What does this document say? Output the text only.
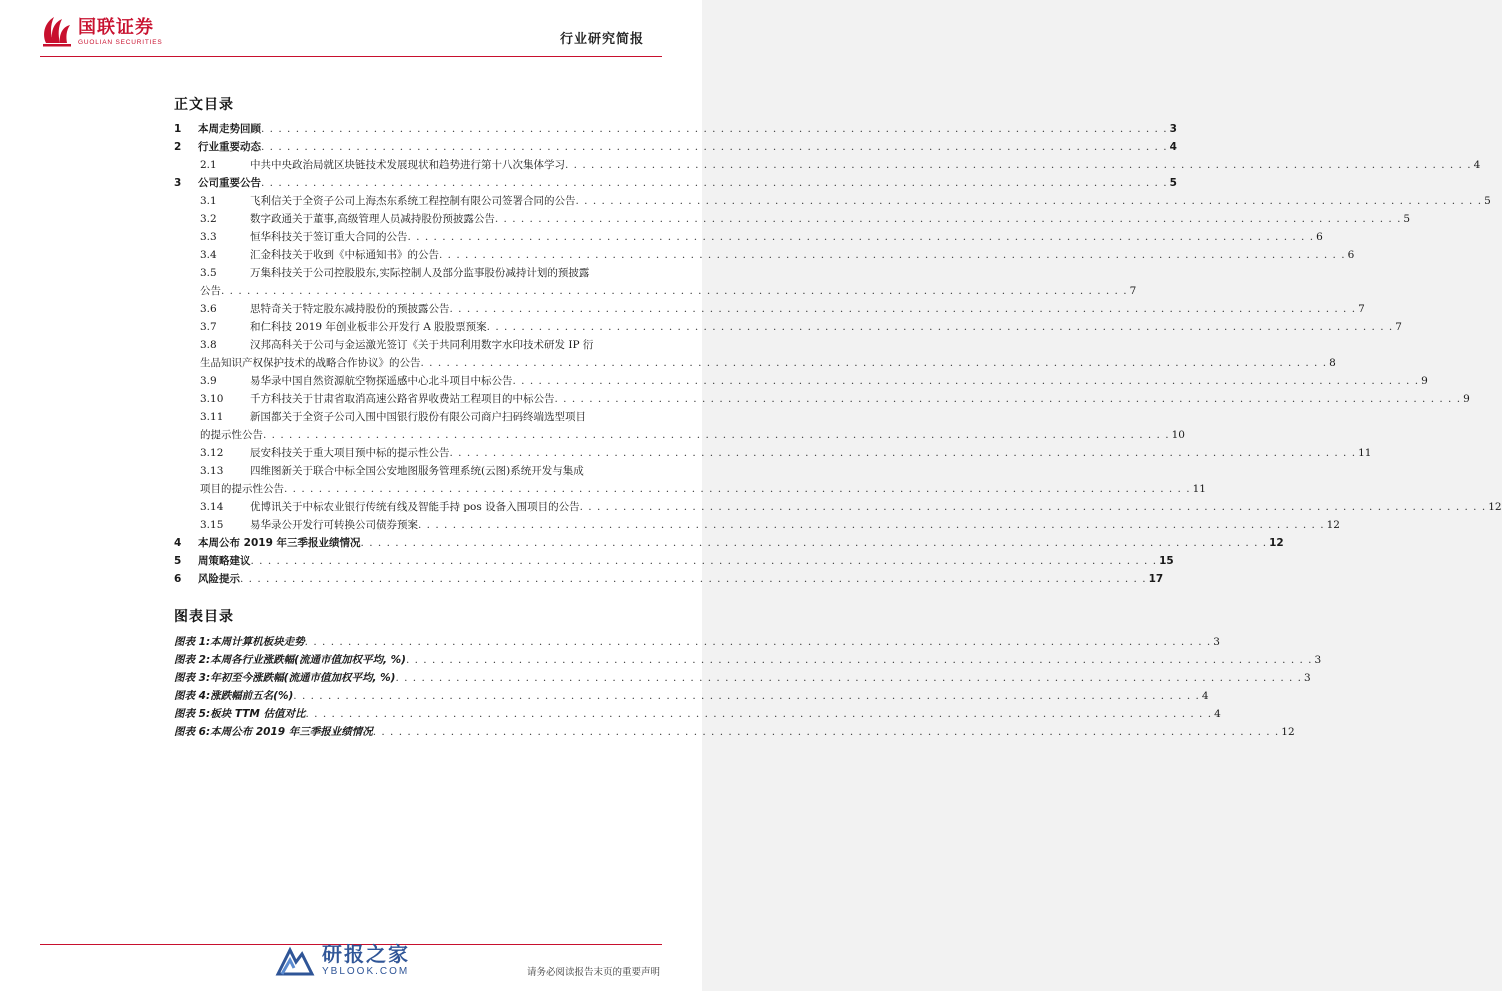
国联证券
GUOLIAN SECURITIES	行业研究简报
正文目录
1 本周走势回顾 . . . . . . . . . . . . . . . . . . . . . . . . . . . . . . . . . . . . . . . . . . . . . . . . . . . . . . . . . . . . . . . . . . . . . . . . . . . . . . . . . . . . . . . . . . . . . . . . . . . . . . . . . 3
2 行业重要动态 . . . . . . . . . . . . . . . . . . . . . . . . . . . . . . . . . . . . . . . . . . . . . . . . . . . . . . . . . . . . . . . . . . . . . . . . . . . . . . . . . . . . . . . . . . . . . . . . . . . . . . . . . 4
2.1	中共中央政治局就区块链技术发展现状和趋势进行第十八次集体学习 . . . . . . . . . . . . . . . . . . . . . . . . . . . . . . . . . . . . . . . . . . . . . . . . . . . . . . . . . . . . . . . . . . . . . . . . . . . . . . . . . . . . . . . . . . . . . . . . . . . . . . . . . 4
3 公司重要公告 . . . . . . . . . . . . . . . . . . . . . . . . . . . . . . . . . . . . . . . . . . . . . . . . . . . . . . . . . . . . . . . . . . . . . . . . . . . . . . . . . . . . . . . . . . . . . . . . . . . . . . . . . 5
3.1	飞利信关于全资子公司上海杰东系统工程控制有限公司签署合同的公告 . . . . . . . . . . . . . . . . . . . . . . . . . . . . . . . . . . . . . . . . . . . . . . . . . . . . . . . . . . . . . . . . . . . . . . . . . . . . . . . . . . . . . . . . . . . . . . . . . . . . . . . . . 5
3.2	数字政通关于董事,高级管理人员减持股份预披露公告 . . . . . . . . . . . . . . . . . . . . . . . . . . . . . . . . . . . . . . . . . . . . . . . . . . . . . . . . . . . . . . . . . . . . . . . . . . . . . . . . . . . . . . . . . . . . . . . . . . . . . . . . . 5
3.3	恒华科技关于签订重大合同的公告 . . . . . . . . . . . . . . . . . . . . . . . . . . . . . . . . . . . . . . . . . . . . . . . . . . . . . . . . . . . . . . . . . . . . . . . . . . . . . . . . . . . . . . . . . . . . . . . . . . . . . . . . . 6
3.4	汇金科技关于收到《中标通知书》的公告 . . . . . . . . . . . . . . . . . . . . . . . . . . . . . . . . . . . . . . . . . . . . . . . . . . . . . . . . . . . . . . . . . . . . . . . . . . . . . . . . . . . . . . . . . . . . . . . . . . . . . . . . . 6
3.5	万集科技关于公司控股股东,实际控制人及部分监事股份减持计划的预披露
公告 . . . . . . . . . . . . . . . . . . . . . . . . . . . . . . . . . . . . . . . . . . . . . . . . . . . . . . . . . . . . . . . . . . . . . . . . . . . . . . . . . . . . . . . . . . . . . . . . . . . . . . . . . 7
3.6	思特奇关于特定股东减持股份的预披露公告 . . . . . . . . . . . . . . . . . . . . . . . . . . . . . . . . . . . . . . . . . . . . . . . . . . . . . . . . . . . . . . . . . . . . . . . . . . . . . . . . . . . . . . . . . . . . . . . . . . . . . . . . . 7
3.7	和仁科技 2019 年创业板非公开发行 A 股股票预案 . . . . . . . . . . . . . . . . . . . . . . . . . . . . . . . . . . . . . . . . . . . . . . . . . . . . . . . . . . . . . . . . . . . . . . . . . . . . . . . . . . . . . . . . . . . . . . . . . . . . . . . . . 7
3.8	汉邦高科关于公司与金运激光签订《关于共同利用数字水印技术研发 IP 衍
生品知识产权保护技术的战略合作协议》的公告 . . . . . . . . . . . . . . . . . . . . . . . . . . . . . . . . . . . . . . . . . . . . . . . . . . . . . . . . . . . . . . . . . . . . . . . . . . . . . . . . . . . . . . . . . . . . . . . . . . . . . . . . . 8
3.9	易华录中国自然资源航空物探遥感中心北斗项目中标公告 . . . . . . . . . . . . . . . . . . . . . . . . . . . . . . . . . . . . . . . . . . . . . . . . . . . . . . . . . . . . . . . . . . . . . . . . . . . . . . . . . . . . . . . . . . . . . . . . . . . . . . . . . 9
3.10	千方科技关于甘肃省取消高速公路省界收费站工程项目的中标公告 . . . . . . . . . . . . . . . . . . . . . . . . . . . . . . . . . . . . . . . . . . . . . . . . . . . . . . . . . . . . . . . . . . . . . . . . . . . . . . . . . . . . . . . . . . . . . . . . . . . . . . . . . 9
3.11	新国都关于全资子公司入围中国银行股份有限公司商户扫码终端选型项目
的提示性公告 . . . . . . . . . . . . . . . . . . . . . . . . . . . . . . . . . . . . . . . . . . . . . . . . . . . . . . . . . . . . . . . . . . . . . . . . . . . . . . . . . . . . . . . . . . . . . . . . . . . . . . . . . 10
3.12	辰安科技关于重大项目预中标的提示性公告 . . . . . . . . . . . . . . . . . . . . . . . . . . . . . . . . . . . . . . . . . . . . . . . . . . . . . . . . . . . . . . . . . . . . . . . . . . . . . . . . . . . . . . . . . . . . . . . . . . . . . . . . . 11
3.13	四维图新关于联合中标全国公安地图服务管理系统(云图)系统开发与集成
项目的提示性公告 . . . . . . . . . . . . . . . . . . . . . . . . . . . . . . . . . . . . . . . . . . . . . . . . . . . . . . . . . . . . . . . . . . . . . . . . . . . . . . . . . . . . . . . . . . . . . . . . . . . . . . . . . 11
3.14	优博讯关于中标农业银行传统有线及智能手持 pos 设备入围项目的公告 . . . . . . . . . . . . . . . . . . . . . . . . . . . . . . . . . . . . . . . . . . . . . . . . . . . . . . . . . . . . . . . . . . . . . . . . . . . . . . . . . . . . . . . . . . . . . . . . . . . . . . . . . 12
3.15	易华录公开发行可转换公司债券预案 . . . . . . . . . . . . . . . . . . . . . . . . . . . . . . . . . . . . . . . . . . . . . . . . . . . . . . . . . . . . . . . . . . . . . . . . . . . . . . . . . . . . . . . . . . . . . . . . . . . . . . . . . 12
4 本周公布 2019 年三季报业绩情况 . . . . . . . . . . . . . . . . . . . . . . . . . . . . . . . . . . . . . . . . . . . . . . . . . . . . . . . . . . . . . . . . . . . . . . . . . . . . . . . . . . . . . . . . . . . . . . . . . . . . . . . . . 12
5 周策略建议 . . . . . . . . . . . . . . . . . . . . . . . . . . . . . . . . . . . . . . . . . . . . . . . . . . . . . . . . . . . . . . . . . . . . . . . . . . . . . . . . . . . . . . . . . . . . . . . . . . . . . . . . . 15
6 风险提示 . . . . . . . . . . . . . . . . . . . . . . . . . . . . . . . . . . . . . . . . . . . . . . . . . . . . . . . . . . . . . . . . . . . . . . . . . . . . . . . . . . . . . . . . . . . . . . . . . . . . . . . . . 17
图表目录
图表 1:本周计算机板块走势 . . . . . . . . . . . . . . . . . . . . . . . . . . . . . . . . . . . . . . . . . . . . . . . . . . . . . . . . . . . . . . . . . . . . . . . . . . . . . . . . . . . . . . . . . . . . . . . . . . . . . . . . . 3
图表 2:本周各行业涨跌幅(流通市值加权平均, %) . . . . . . . . . . . . . . . . . . . . . . . . . . . . . . . . . . . . . . . . . . . . . . . . . . . . . . . . . . . . . . . . . . . . . . . . . . . . . . . . . . . . . . . . . . . . . . . . . . . . . . . . . 3
图表 3:年初至今涨跌幅(流通市值加权平均, %) . . . . . . . . . . . . . . . . . . . . . . . . . . . . . . . . . . . . . . . . . . . . . . . . . . . . . . . . . . . . . . . . . . . . . . . . . . . . . . . . . . . . . . . . . . . . . . . . . . . . . . . . . 3
图表 4:涨跌幅前五名(%) . . . . . . . . . . . . . . . . . . . . . . . . . . . . . . . . . . . . . . . . . . . . . . . . . . . . . . . . . . . . . . . . . . . . . . . . . . . . . . . . . . . . . . . . . . . . . . . . . . . . . . . . . 4
图表 5:板块 TTM 估值对比 . . . . . . . . . . . . . . . . . . . . . . . . . . . . . . . . . . . . . . . . . . . . . . . . . . . . . . . . . . . . . . . . . . . . . . . . . . . . . . . . . . . . . . . . . . . . . . . . . . . . . . . . . 4
图表 6:本周公布 2019 年三季报业绩情况 . . . . . . . . . . . . . . . . . . . . . . . . . . . . . . . . . . . . . . . . . . . . . . . . . . . . . . . . . . . . . . . . . . . . . . . . . . . . . . . . . . . . . . . . . . . . . . . . . . . . . . . . . 12
研报之家
YBLOOK.COM	请务必阅读报告末页的重要声明
